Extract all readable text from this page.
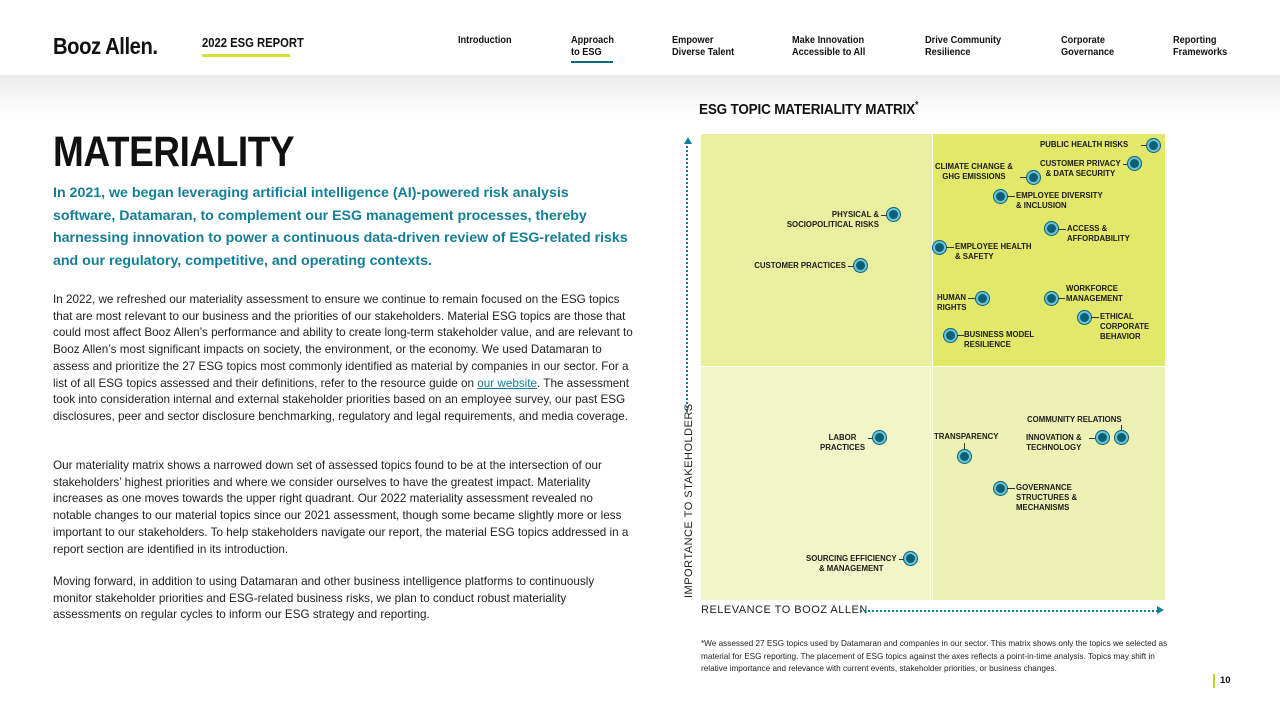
Booz Allen.	2022 ESG REPORT	Introduction	Approach
to ESG
Empower
Diverse Talent
Make Innovation
Accessible to All
Drive Community
Resilience
Corporate
Governance
Reporting
Frameworks
MATERIALITY

In 2021, we began leveraging artificial intelligence (AI)-powered risk analysis software, Datamaran, to complement our ESG management processes, thereby harnessing innovation to power a continuous data-driven review of ESG-related risks and our regulatory, competitive, and operating contexts.

In 2022, we refreshed our materiality assessment to ensure we continue to remain focused on the ESG topics that are most relevant to our business and the priorities of our stakeholders. Material ESG topics are those that could most affect Booz Allen’s performance and ability to create long-term stakeholder value, and are relevant to Booz Allen’s most significant impacts on society, the environment, or the economy. We used Datamaran to assess and prioritize the 27 ESG topics most commonly identified as material by companies in our sector. For a list of all ESG topics assessed and their definitions, refer to the resource guide on our website. The assessment took into consideration internal and external stakeholder priorities based on an employee survey, our past ESG disclosures, peer and sector disclosure benchmarking, regulatory and legal requirements, and media coverage.

Our materiality matrix shows a narrowed down set of assessed topics found to be at the intersection of our stakeholders’ highest priorities and where we consider ourselves to have the greatest impact. Materiality increases as one moves towards the upper right quadrant. Our 2022 materiality assessment revealed no notable changes to our material topics since our 2021 assessment, though some became slightly more or less important to our stakeholders. To help stakeholders navigate our report, the material ESG topics addressed in a report section are identified in its introduction.

Moving forward, in addition to using Datamaran and other business intelligence platforms to continuously monitor stakeholder priorities and ESG-related business risks, we plan to conduct robust materiality assessments on regular cycles to inform our ESG strategy and reporting.

ESG TOPIC MATERIALITY MATRIX*
IMPORTANCE TO STAKEHOLDERS
RELEVANCE TO BOOZ ALLEN
PUBLIC HEALTH RISKS
CLIMATE CHANGE &
GHG EMISSIONS
CUSTOMER PRIVACY
& DATA SECURITY
EMPLOYEE DIVERSITY
& INCLUSION
PHYSICAL &
SOCIOPOLITICAL RISKS	ACCESS &
AFFORDABILITY
EMPLOYEE HEALTH
& SAFETY
CUSTOMER PRACTICES
HUMAN
RIGHTS
WORKFORCE
MANAGEMENT
ETHICAL
CORPORATE
BEHAVIOR
BUSINESS MODEL
RESILIENCE
COMMUNITY RELATIONS
LABOR
PRACTICES
TRANSPARENCY	INNOVATION &
TECHNOLOGY
GOVERNANCE
STRUCTURES &
MECHANISMS
SOURCING EFFICIENCY
& MANAGEMENT

*We assessed 27 ESG topics used by Datamaran and companies in our sector. This matrix shows only the topics we selected as material for ESG reporting. The placement of ESG topics against the axes reflects a point-in-time analysis. Topics may shift in relative importance and relevance with current events, stakeholder priorities, or business changes.

10
